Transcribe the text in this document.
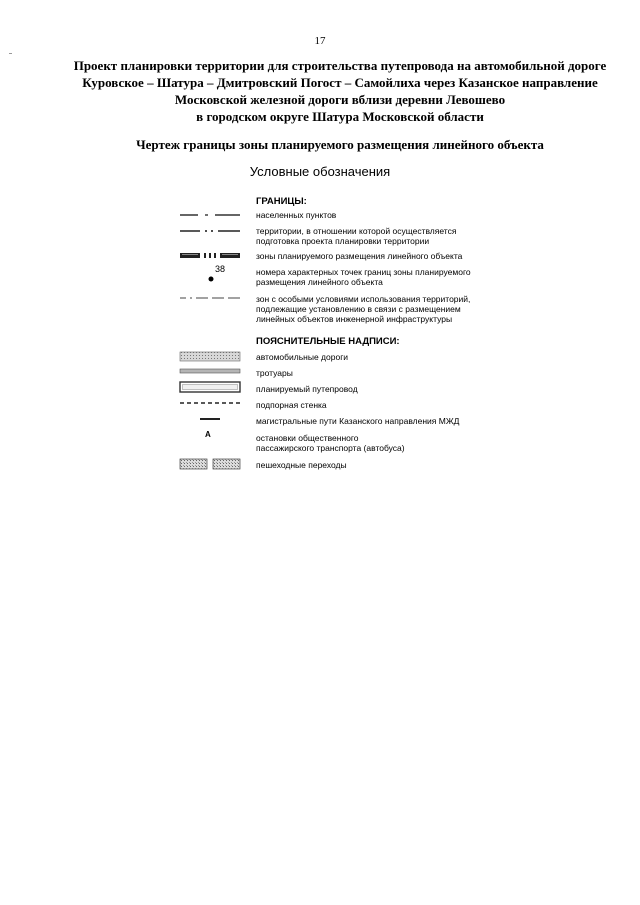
17
Проект планировки территории для строительства путепровода на автомобильной дороге
Куровское – Шатура – Дмитровский Погост – Самойлиха через Казанское направление
Московской железной дороги вблизи деревни Левошево
в городском округе Шатура Московской области
Чертеж границы зоны планируемого размещения линейного объекта
Условные обозначения
ГРАНИЦЫ:
населенных пунктов
территории, в отношении которой осуществляется
подготовка проекта планировки территории
зоны планируемого размещения линейного объекта
38	номера характерных точек границ зоны планируемого
размещения линейного объекта
зон с особыми условиями использования территорий,
подлежащие установлению в связи с размещением
линейных объектов инженерной инфраструктуры
ПОЯСНИТЕЛЬНЫЕ НАДПИСИ:
автомобильные дороги
тротуары
планируемый путепровод
подпорная стенка
магистральные пути Казанского направления МЖД
А	остановки общественного
пассажирского транспорта (автобуса)
пешеходные переходы
